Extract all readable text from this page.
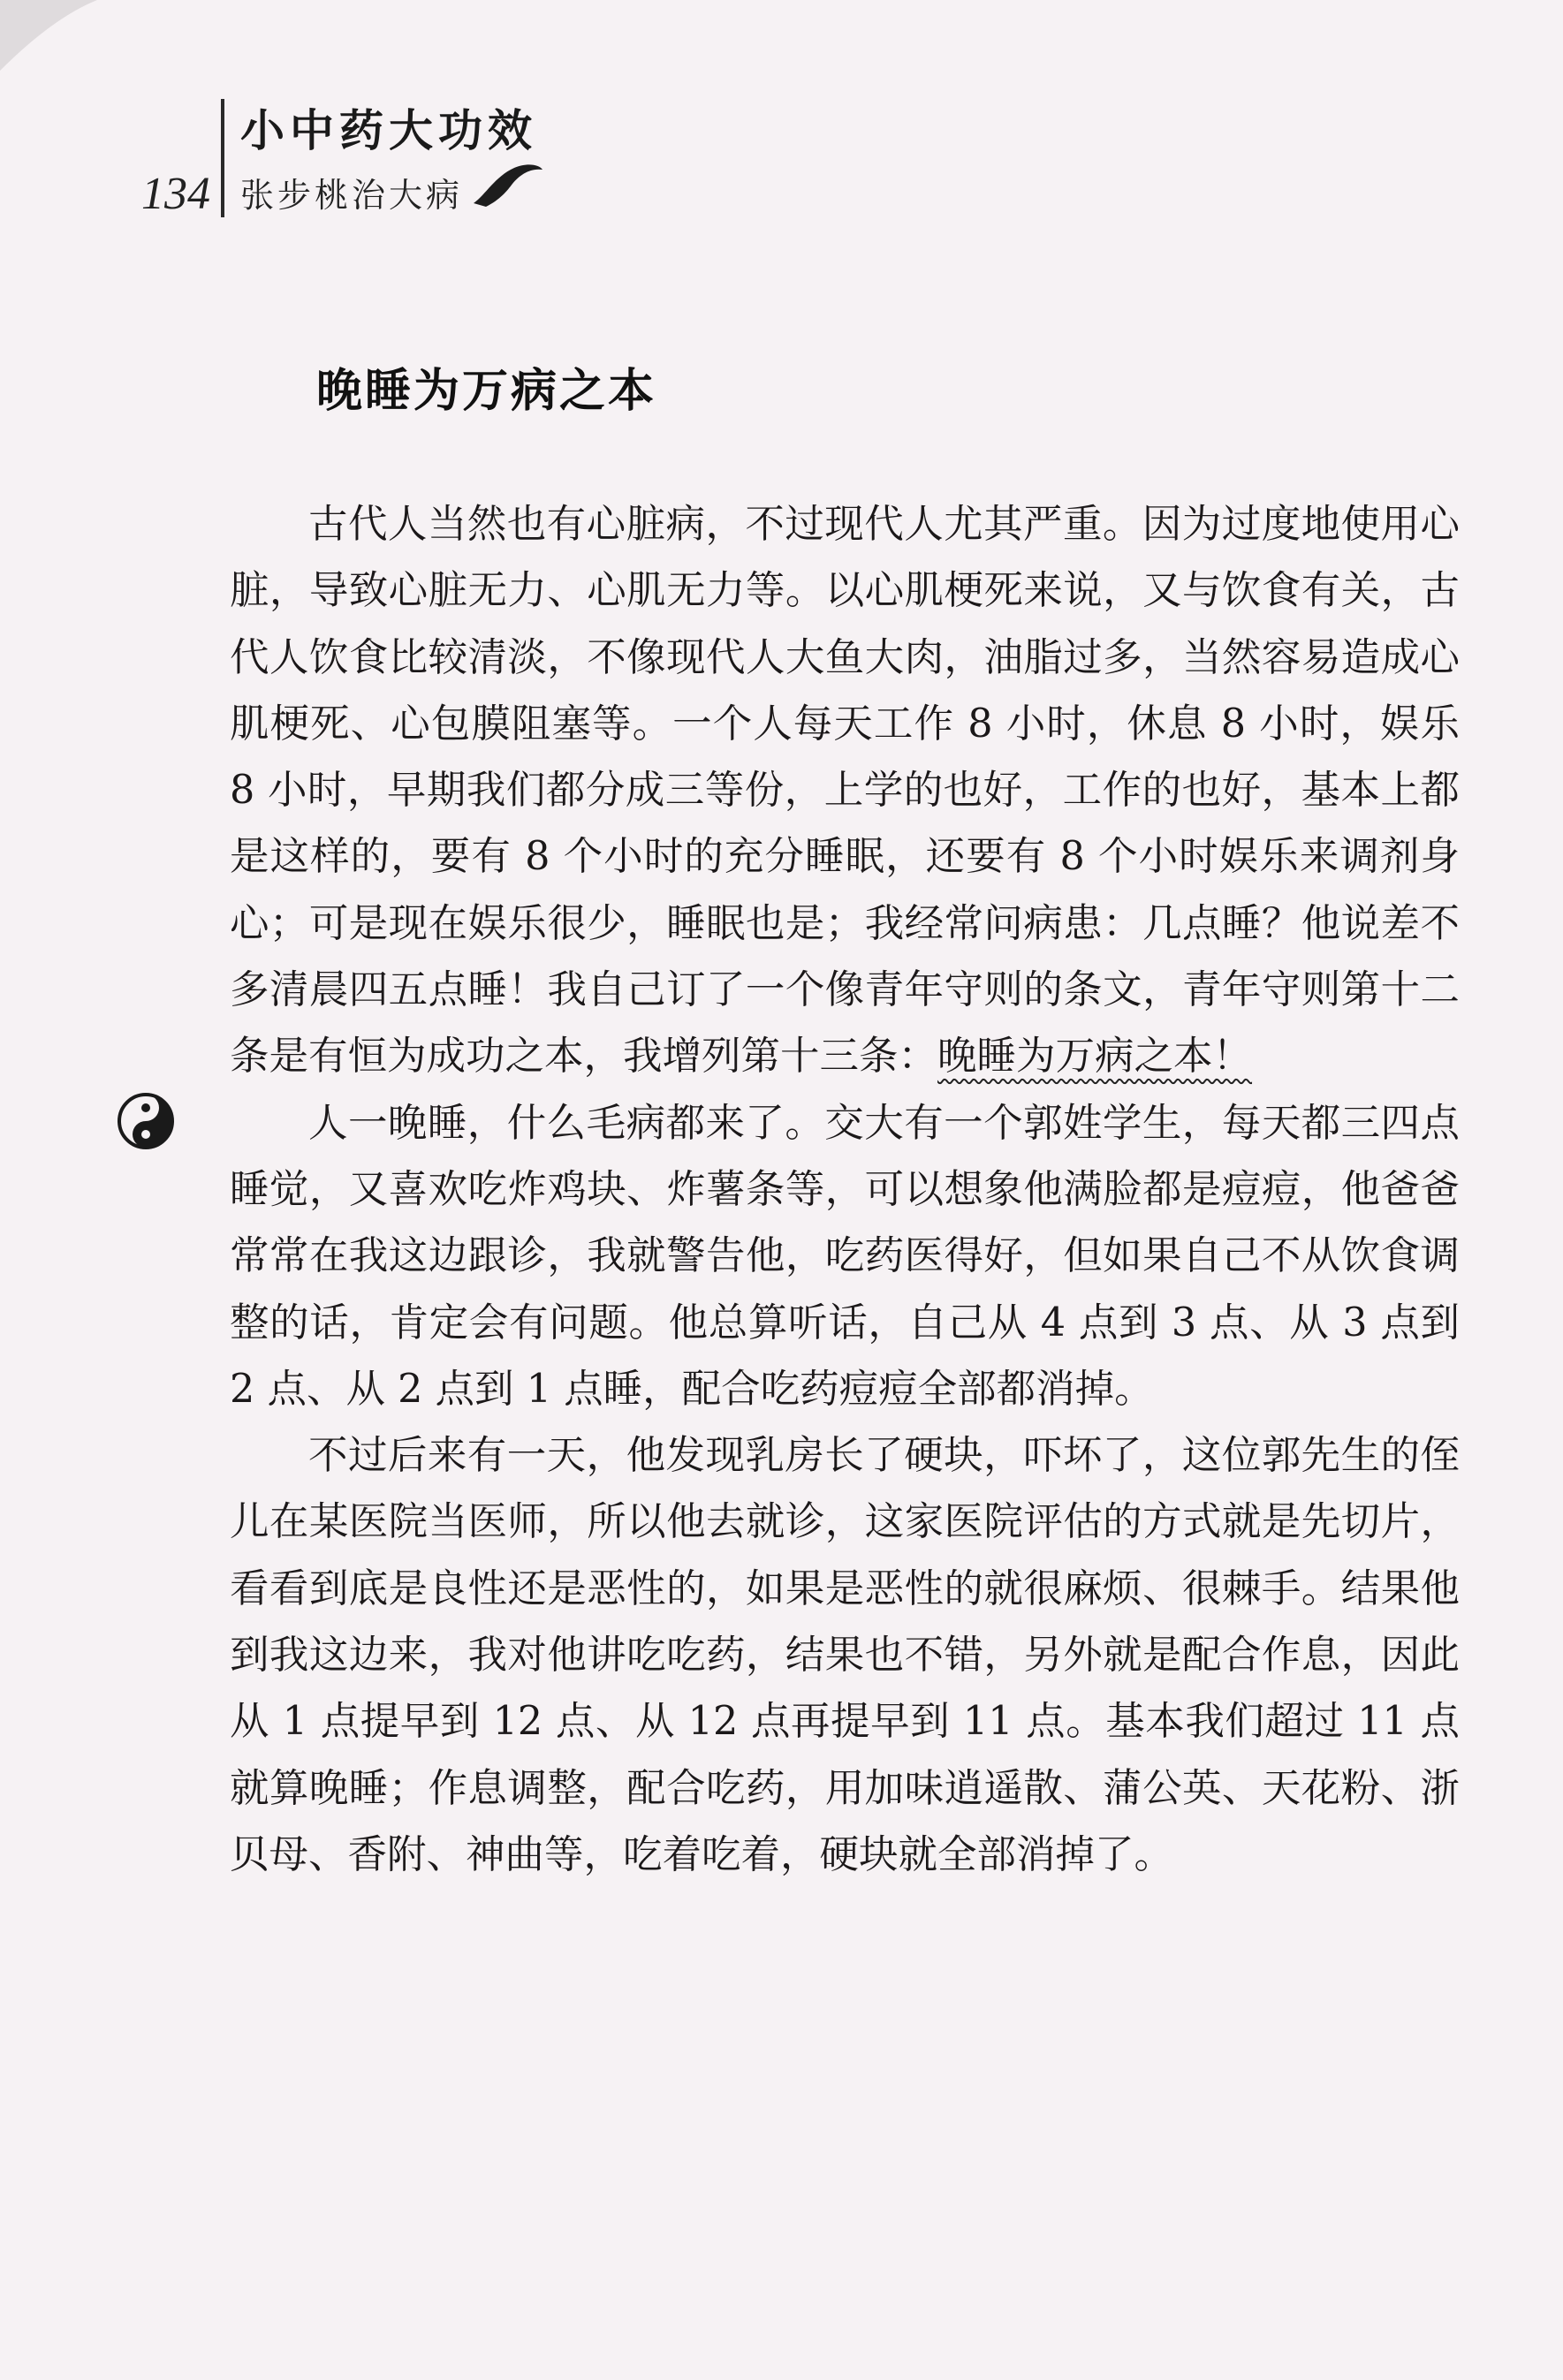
134
小中药大功效
张步桃治大病
晚睡为万病之本

古代人当然也有心脏病，不过现代人尤其严重。因为过度地使用心脏，导致心脏无力、心肌无力等。以心肌梗死来说，又与饮食有关，古代人饮食比较清淡，不像现代人大鱼大肉，油脂过多，当然容易造成心肌梗死、心包膜阻塞等。一个人每天工作 8 小时，休息 8 小时，娱乐 8 小时，早期我们都分成三等份，上学的也好，工作的也好，基本上都是这样的，要有 8 个小时的充分睡眠，还要有 8 个小时娱乐来调剂身心；可是现在娱乐很少，睡眠也是；我经常问病患：几点睡？他说差不多清晨四五点睡！我自己订了一个像青年守则的条文，青年守则第十二条是有恒为成功之本，我增列第十三条：晚睡为万病之本！

人一晚睡，什么毛病都来了。交大有一个郭姓学生，每天都三四点睡觉，又喜欢吃炸鸡块、炸薯条等，可以想象他满脸都是痘痘，他爸爸常常在我这边跟诊，我就警告他，吃药医得好，但如果自己不从饮食调整的话，肯定会有问题。他总算听话，自己从 4 点到 3 点、从 3 点到 2 点、从 2 点到 1 点睡，配合吃药痘痘全部都消掉。

不过后来有一天，他发现乳房长了硬块，吓坏了，这位郭先生的侄儿在某医院当医师，所以他去就诊，这家医院评估的方式就是先切片，看看到底是良性还是恶性的，如果是恶性的就很麻烦、很棘手。结果他到我这边来，我对他讲吃吃药，结果也不错，另外就是配合作息，因此从 1 点提早到 12 点、从 12 点再提早到 11 点。基本我们超过 11 点就算晚睡；作息调整，配合吃药，用加味逍遥散、蒲公英、天花粉、浙贝母、香附、神曲等，吃着吃着，硬块就全部消掉了。
